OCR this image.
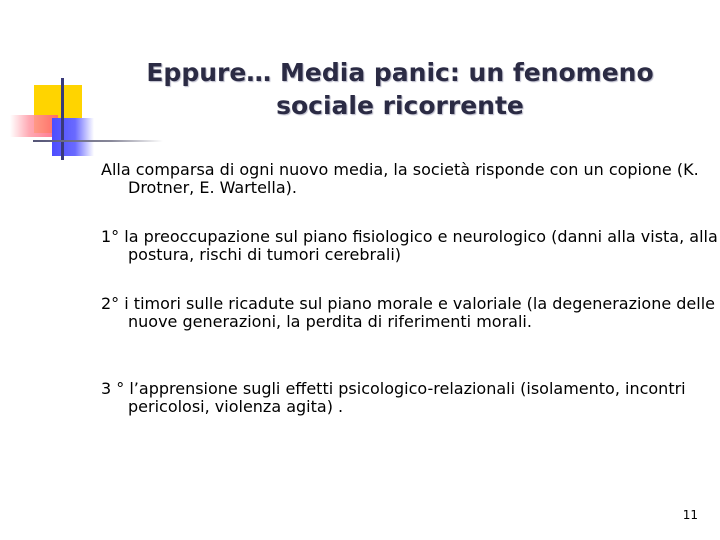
Eppure… Media panic: un fenomeno
sociale ricorrente

Alla comparsa di ogni nuovo media, la società risponde con un copione (K. Drotner, E. Wartella).

1° la preoccupazione sul piano fisiologico e neurologico (danni alla vista, alla postura, rischi di tumori cerebrali)

2° i timori sulle ricadute sul piano morale e valoriale (la degenerazione delle nuove generazioni, la perdita di riferimenti morali.

3 ° l’apprensione sugli effetti psicologico-relazionali (isolamento, incontri pericolosi, violenza agita) .

11
